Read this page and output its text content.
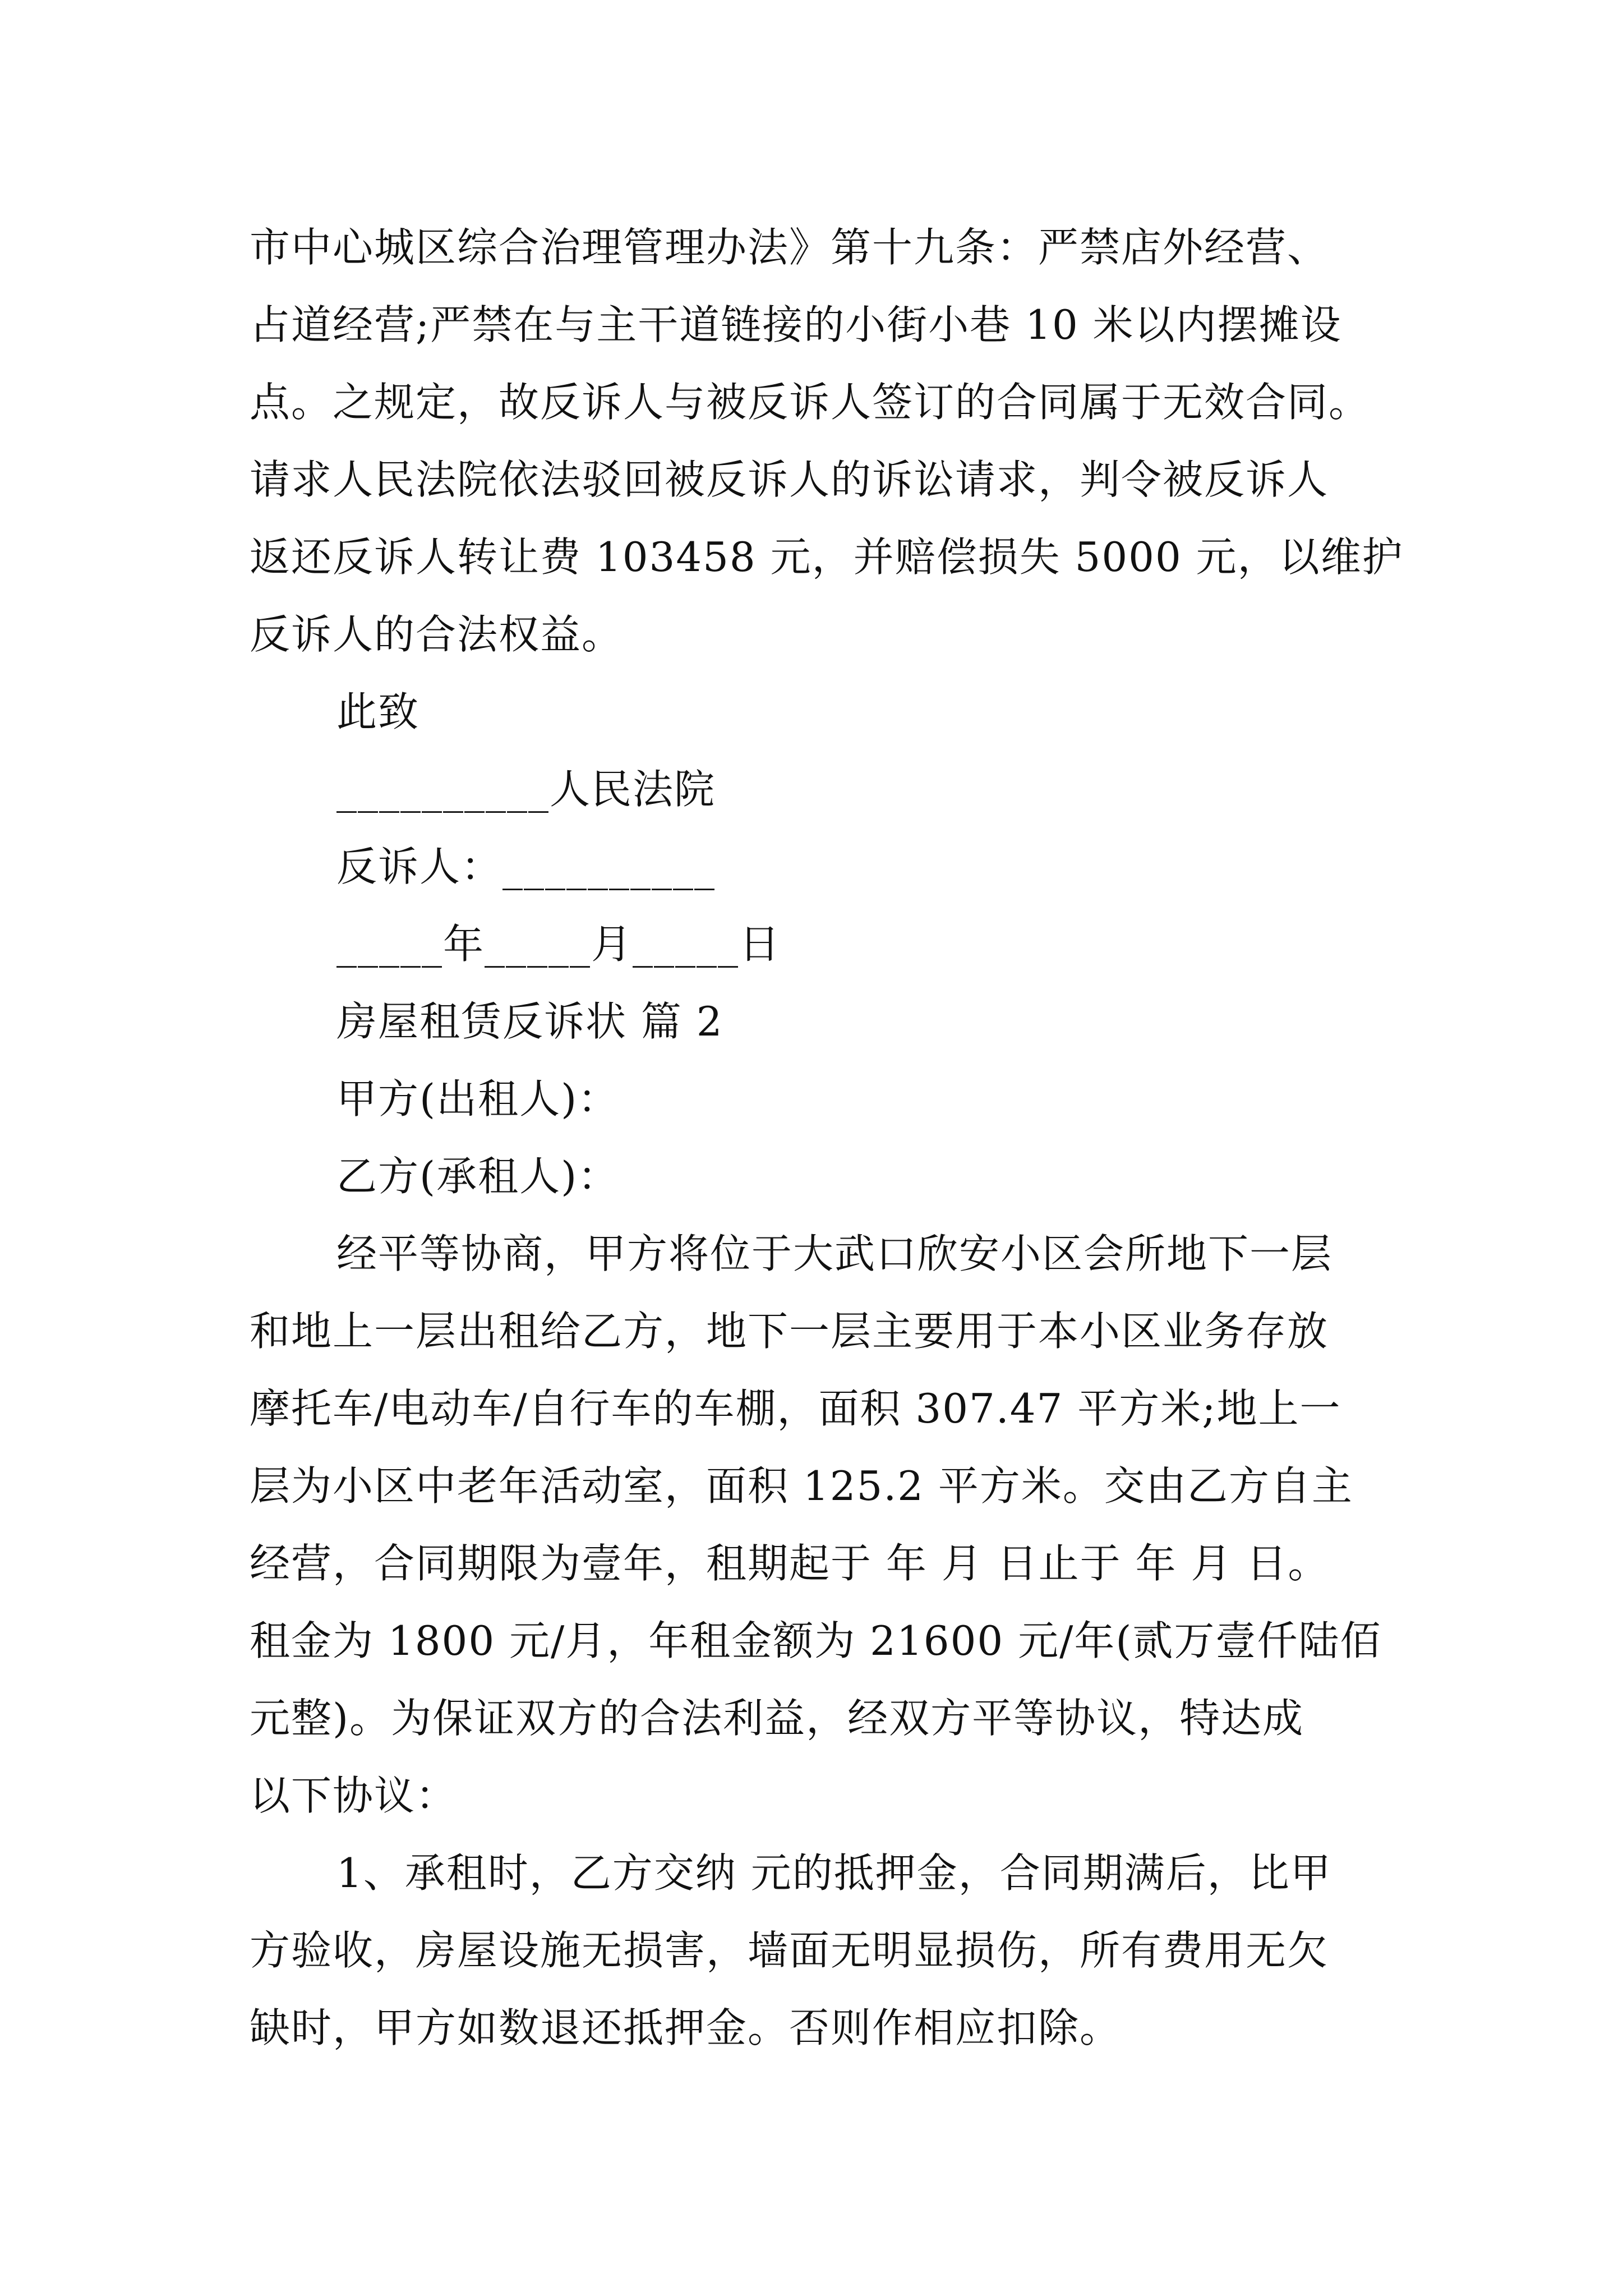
市中心城区综合治理管理办法》第十九条：严禁店外经营、
占道经营;严禁在与主干道链接的小街小巷 10 米以内摆摊设
点。之规定，故反诉人与被反诉人签订的合同属于无效合同。
请求人民法院依法驳回被反诉人的诉讼请求，判令被反诉人
返还反诉人转让费 103458 元，并赔偿损失 5000 元，以维护
反诉人的合法权益。
此致
__________人民法院
反诉人：__________
_____年_____月_____日
房屋租赁反诉状 篇 2
甲方(出租人)：
乙方(承租人)：
经平等协商，甲方将位于大武口欣安小区会所地下一层
和地上一层出租给乙方，地下一层主要用于本小区业务存放
摩托车/电动车/自行车的车棚，面积 307.47 平方米;地上一
层为小区中老年活动室，面积 125.2 平方米。交由乙方自主
经营，合同期限为壹年，租期起于 年 月 日止于 年 月 日。
租金为 1800 元/月，年租金额为 21600 元/年(贰万壹仟陆佰
元整)。为保证双方的合法利益，经双方平等协议，特达成
以下协议：
1、承租时，乙方交纳 元的抵押金，合同期满后，比甲
方验收，房屋设施无损害，墙面无明显损伤，所有费用无欠
缺时，甲方如数退还抵押金。否则作相应扣除。
